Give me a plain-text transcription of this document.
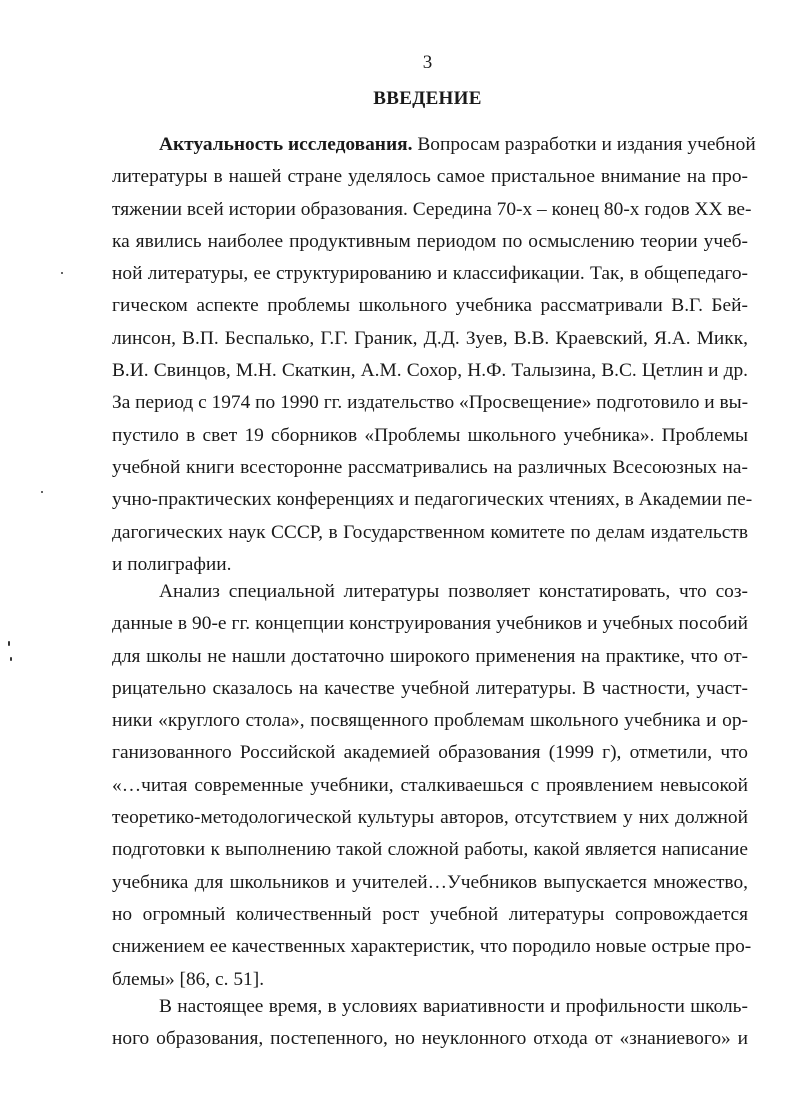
3
ВВЕДЕНИЕ
Актуальность исследования. Вопросам разработки и издания учебной
литературы в нашей стране уделялось самое пристальное внимание на про-
тяжении всей истории образования. Середина 70-х – конец 80-х годов XX ве-
ка явились наиболее продуктивным периодом по осмыслению теории учеб-
ной литературы, ее структурированию и классификации. Так, в общепедаго-
гическом аспекте проблемы школьного учебника рассматривали В.Г. Бей-
линсон, В.П. Беспалько, Г.Г. Граник, Д.Д. Зуев, В.В. Краевский, Я.А. Микк,
В.И. Свинцов, М.Н. Скаткин, А.М. Сохор, Н.Ф. Талызина, В.С. Цетлин и др.
За период с 1974 по 1990 гг. издательство «Просвещение» подготовило и вы-
пустило в свет 19 сборников «Проблемы школьного учебника». Проблемы
учебной книги всесторонне рассматривались на различных Всесоюзных на-
учно-практических конференциях и педагогических чтениях, в Академии пе-
дагогических наук СССР, в Государственном комитете по делам издательств
и полиграфии.
Анализ специальной литературы позволяет констатировать, что соз-
данные в 90-е гг. концепции конструирования учебников и учебных пособий
для школы не нашли достаточно широкого применения на практике, что от-
рицательно сказалось на качестве учебной литературы. В частности, участ-
ники «круглого стола», посвященного проблемам школьного учебника и ор-
ганизованного Российской академией образования (1999 г), отметили, что
«…читая современные учебники, сталкиваешься с проявлением невысокой
теоретико-методологической культуры авторов, отсутствием у них должной
подготовки к выполнению такой сложной работы, какой является написание
учебника для школьников и учителей…Учебников выпускается множество,
но огромный количественный рост учебной литературы сопровождается
снижением ее качественных характеристик, что породило новые острые про-
блемы» [86, с. 51].
В настоящее время, в условиях вариативности и профильности школь-
ного образования, постепенного, но неуклонного отхода от «знаниевого» и
